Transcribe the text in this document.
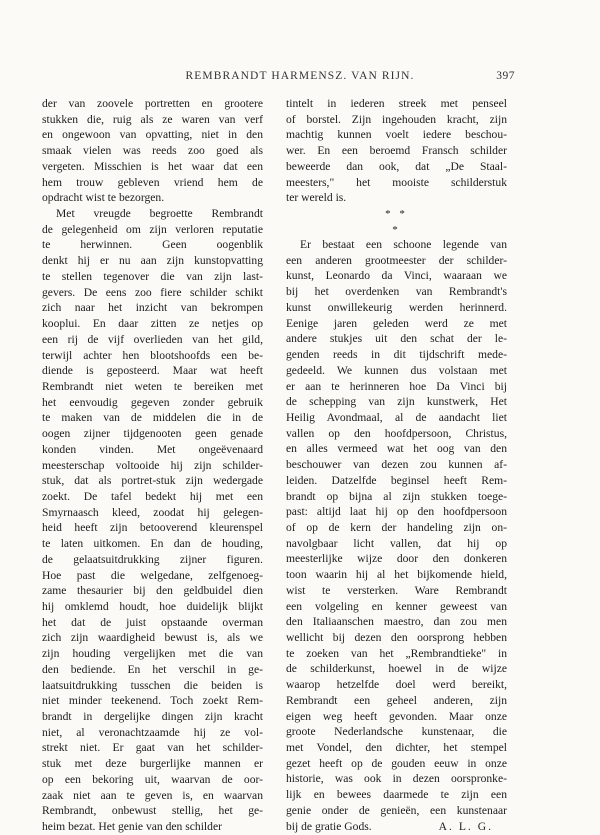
REMBRANDT HARMENSZ. VAN RIJN.	397
der van zoovele portretten en grootere
stukken die, ruig als ze waren van verf
en ongewoon van opvatting, niet in den
smaak vielen was reeds zoo goed als
vergeten. Misschien is het waar dat een
hem trouw gebleven vriend hem de
opdracht wist te bezorgen.
Met vreugde begroette Rembrandt
de gelegenheid om zijn verloren reputatie
te herwinnen. Geen oogenblik
denkt hij er nu aan zijn kunstopvatting
te stellen tegenover die van zijn last-
gevers. De eens zoo fiere schilder schikt
zich naar het inzicht van bekrompen
kooplui. En daar zitten ze netjes op
een rij de vijf overlieden van het gild,
terwijl achter hen blootshoofds een be-
diende is geposteerd. Maar wat heeft
Rembrandt niet weten te bereiken met
het eenvoudig gegeven zonder gebruik
te maken van de middelen die in de
oogen zijner tijdgenooten geen genade
konden vinden. Met ongeëvenaard
meesterschap voltooide hij zijn schilder-
stuk, dat als portret-stuk zijn wedergade
zoekt. De tafel bedekt hij met een
Smyrnaasch kleed, zoodat hij gelegen-
heid heeft zijn betooverend kleurenspel
te laten uitkomen. En dan de houding,
de gelaatsuitdrukking zijner figuren.
Hoe past die welgedane, zelfgenoeg-
zame thesaurier bij den geldbuidel dien
hij omklemd houdt, hoe duidelijk blijkt
het dat de juist opstaande overman
zich zijn waardigheid bewust is, als we
zijn houding vergelijken met die van
den bediende. En het verschil in ge-
laatsuitdrukking tusschen die beiden is
niet minder teekenend. Toch zoekt Rem-
brandt in dergelijke dingen zijn kracht
niet, al veronachtzaamde hij ze vol-
strekt niet. Er gaat van het schilder-
stuk met deze burgerlijke mannen er
op een bekoring uit, waarvan de oor-
zaak niet aan te geven is, en waarvan
Rembrandt, onbewust stellig, het ge-
heim bezat. Het genie van den schilder
tintelt in iederen streek met penseel
of borstel. Zijn ingehouden kracht, zijn
machtig kunnen voelt iedere beschou-
wer. En een beroemd Fransch schilder
beweerde dan ook, dat „De Staal-
meesters," het mooiste schilderstuk
ter wereld is.
* *
*
Er bestaat een schoone legende van
een anderen grootmeester der schilder-
kunst, Leonardo da Vinci, waaraan we
bij het overdenken van Rembrandt's
kunst onwillekeurig werden herinnerd.
Eenige jaren geleden werd ze met
andere stukjes uit den schat der le-
genden reeds in dit tijdschrift mede-
gedeeld. We kunnen dus volstaan met
er aan te herinneren hoe Da Vinci bij
de schepping van zijn kunstwerk, Het
Heilig Avondmaal, al de aandacht liet
vallen op den hoofdpersoon, Christus,
en alles vermeed wat het oog van den
beschouwer van dezen zou kunnen af-
leiden. Datzelfde beginsel heeft Rem-
brandt op bijna al zijn stukken toege-
past: altijd laat hij op den hoofdpersoon
of op de kern der handeling zijn on-
navolgbaar licht vallen, dat hij op
meesterlijke wijze door den donkeren
toon waarin hij al het bijkomende hield,
wist te versterken. Ware Rembrandt
een volgeling en kenner geweest van
den Italiaanschen maestro, dan zou men
wellicht bij dezen den oorsprong hebben
te zoeken van het „Rembrandtieke" in
de schilderkunst, hoewel in de wijze
waarop hetzelfde doel werd bereikt,
Rembrandt een geheel anderen, zijn
eigen weg heeft gevonden. Maar onze
groote Nederlandsche kunstenaar, die
met Vondel, den dichter, het stempel
gezet heeft op de gouden eeuw in onze
historie, was ook in dezen oorspronke-
lijk en bewees daarmede te zijn een
genie onder de genieën, een kunstenaar
bij de gratie Gods.	A. L. G.
